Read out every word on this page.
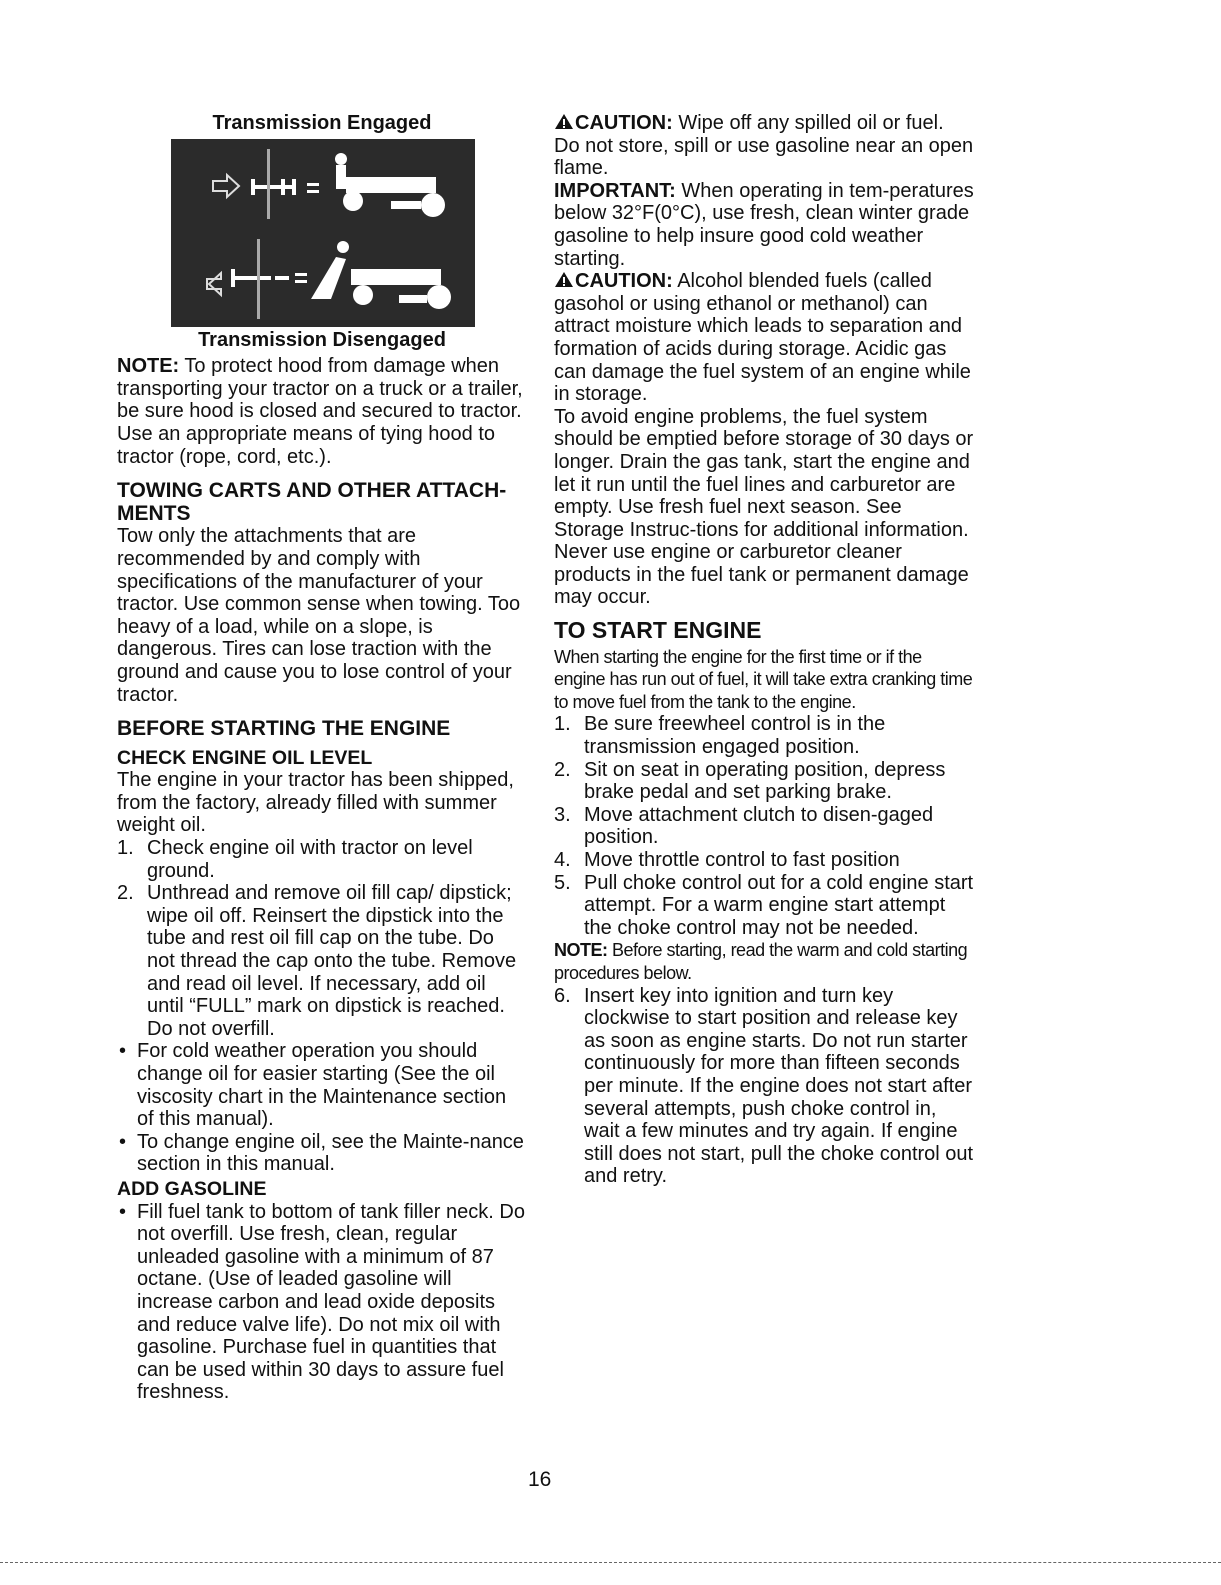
Transmission Engaged

Transmission Disengaged

NOTE: To protect hood from damage when transporting your tractor on a truck or a trailer, be sure hood is closed and secured to tractor. Use an appropriate means of tying hood to tractor (rope, cord, etc.).

TOWING CARTS AND OTHER ATTACH-MENTS

Tow only the attachments that are recommended by and comply with specifications of the manufacturer of your tractor. Use common sense when towing. Too heavy of a load, while on a slope, is dangerous. Tires can lose traction with the ground and cause you to lose control of your tractor.

BEFORE STARTING THE ENGINE

CHECK ENGINE OIL LEVEL

The engine in your tractor has been shipped, from the factory, already filled with summer weight oil.

1. Check engine oil with tractor on level ground.
2. Unthread and remove oil fill cap/ dipstick; wipe oil off. Reinsert the dipstick into the tube and rest oil fill cap on the tube. Do not thread the cap onto the tube. Remove and read oil level. If necessary, add oil until “FULL” mark on dipstick is reached. Do not overfill.
• For cold weather operation you should change oil for easier starting (See the oil viscosity chart in the Maintenance section of this manual).
• To change engine oil, see the Mainte-nance section in this manual.

ADD GASOLINE

• Fill fuel tank to bottom of tank filler neck. Do not overfill. Use fresh, clean, regular unleaded gasoline with a minimum of 87 octane. (Use of leaded gasoline will increase carbon and lead oxide deposits and reduce valve life). Do not mix oil with gasoline. Purchase fuel in quantities that can be used within 30 days to assure fuel freshness.

CAUTION: Wipe off any spilled oil or fuel. Do not store, spill or use gasoline near an open flame.

IMPORTANT: When operating in tem-peratures below 32°F(0°C), use fresh, clean winter grade gasoline to help insure good cold weather starting.

CAUTION: Alcohol blended fuels (called gasohol or using ethanol or methanol) can attract moisture which leads to separation and formation of acids during storage. Acidic gas can damage the fuel system of an engine while in storage.

To avoid engine problems, the fuel system should be emptied before storage of 30 days or longer. Drain the gas tank, start the engine and let it run until the fuel lines and carburetor are empty. Use fresh fuel next season. See Storage Instruc-tions for additional information.

Never use engine or carburetor cleaner products in the fuel tank or permanent damage may occur.

TO START ENGINE

When starting the engine for the first time or if the engine has run out of fuel, it will take extra cranking time to move fuel from the tank to the engine.

1. Be sure freewheel control is in the transmission engaged position.
2. Sit on seat in operating position, depress brake pedal and set parking brake.
3. Move attachment clutch to disen-gaged position.
4. Move throttle control to fast position
5. Pull choke control out for a cold engine start attempt. For a warm engine start attempt the choke control may not be needed.

NOTE: Before starting, read the warm and cold starting procedures below.

6. Insert key into ignition and turn key clockwise to start position and release key as soon as engine starts. Do not run starter continuously for more than fifteen seconds per minute. If the engine does not start after several attempts, push choke control in, wait a few minutes and try again. If engine still does not start, pull the choke control out and retry.
16
